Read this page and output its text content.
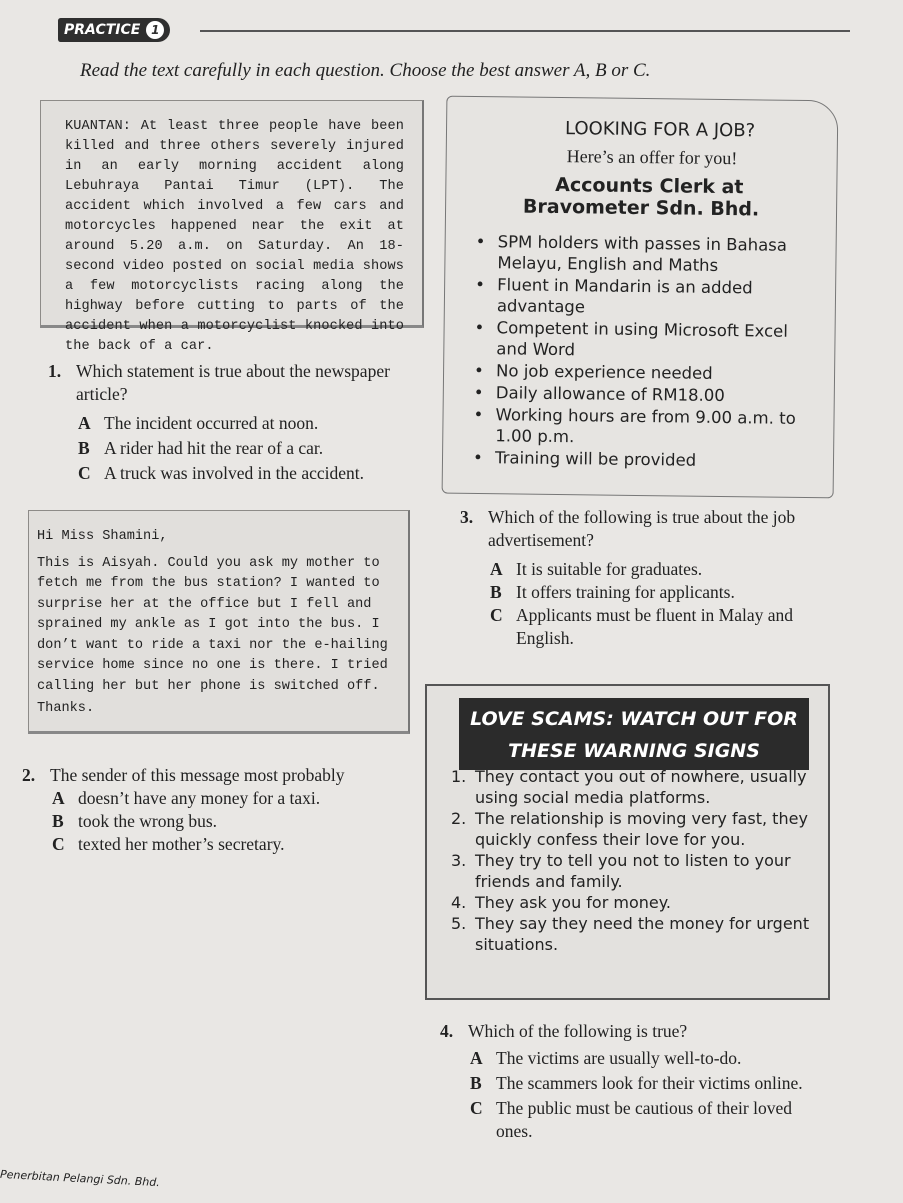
PRACTICE 1
Read the text carefully in each question. Choose the best answer A, B or C.
KUANTAN: At least three people have been killed and three others severely injured in an early morning accident along Lebuhraya Pantai Timur (LPT). The accident which involved a few cars and motorcycles happened near the exit at around 5.20 a.m. on Saturday. An 18-second video posted on social media shows a few motorcyclists racing along the highway before cutting to parts of the accident when a motorcyclist knocked into the back of a car.
LOOKING FOR A JOB?
Here’s an offer for you!
Accounts Clerk at
Bravometer Sdn. Bhd.
• SPM holders with passes in Bahasa Melayu, English and Maths
• Fluent in Mandarin is an added advantage
• Competent in using Microsoft Excel and Word
• No job experience needed
• Daily allowance of RM18.00
• Working hours are from 9.00 a.m. to 1.00 p.m.
• Training will be provided
1. Which statement is true about the newspaper article?
A The incident occurred at noon.
B A rider had hit the rear of a car.
C A truck was involved in the accident.

Hi Miss Shamini,

This is Aisyah. Could you ask my mother to fetch me from the bus station? I wanted to surprise her at the office but I fell and sprained my ankle as I got into the bus. I don’t want to ride a taxi nor the e-hailing service home since no one is there. I tried calling her but her phone is switched off.

Thanks.

2. The sender of this message most probably
A doesn’t have any money for a taxi.
B took the wrong bus.
C texted her mother’s secretary.
3. Which of the following is true about the job advertisement?
A It is suitable for graduates.
B It offers training for applicants.
C Applicants must be fluent in Malay and English.
LOVE SCAMS: WATCH OUT FOR
THESE WARNING SIGNS
1. They contact you out of nowhere, usually using social media platforms.
2. The relationship is moving very fast, they quickly confess their love for you.
3. They try to tell you not to listen to your friends and family.
4. They ask you for money.
5. They say they need the money for urgent situations.
4. Which of the following is true?
A The victims are usually well-to-do.
B The scammers look for their victims online.
C The public must be cautious of their loved ones.
Penerbitan Pelangi Sdn. Bhd.
